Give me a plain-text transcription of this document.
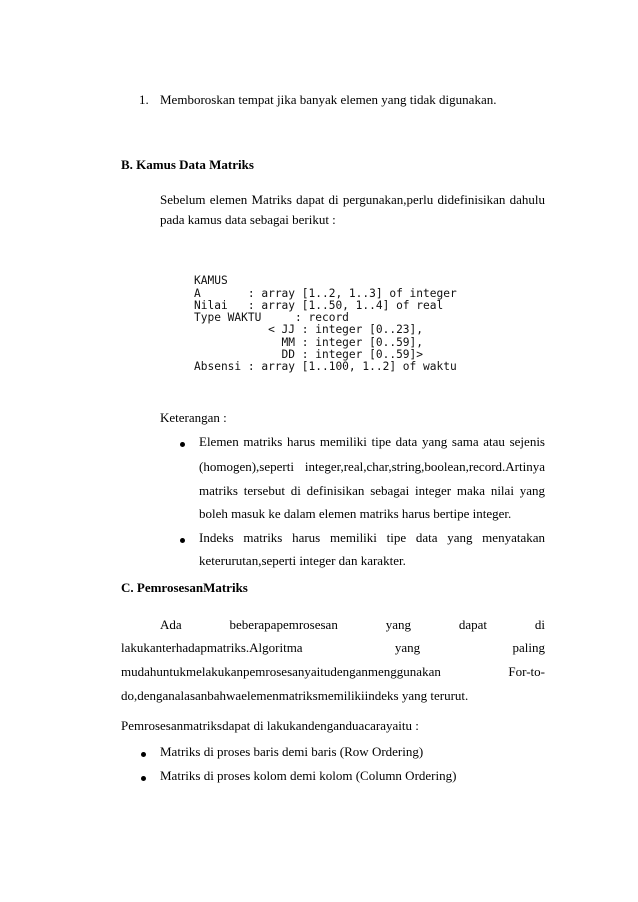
1. Memboroskan tempat jika banyak elemen yang tidak digunakan.
B. Kamus Data Matriks
Sebelum elemen Matriks dapat di pergunakan,perlu didefinisikan dahulu
pada kamus data sebagai berikut :

KAMUS
A       : array [1..2, 1..3] of integer
Nilai   : array [1..50, 1..4] of real
Type WAKTU     : record
< JJ : integer [0..23],
MM : integer [0..59],
DD : integer [0..59]>
Absensi : array [1..100, 1..2] of waktu

Keterangan :
Elemen matriks harus memiliki tipe data yang sama atau sejenis
(homogen),seperti integer,real,char,string,boolean,record.Artinya
matriks tersebut di definisikan sebagai integer maka nilai yang
boleh masuk ke dalam elemen matriks harus bertipe integer.
Indeks matriks harus memiliki tipe data yang menyatakan
keterurutan,seperti integer dan karakter.
C. PemrosesanMatriks
Ada beberapapemrosesan yang dapat di
lakukanterhadapmatriks.Algoritma yang paling
mudahuntukmelakukanpemrosesanyaitudenganmenggunakan For-to-
do,denganalasanbahwaelemenmatriksmemilikiindeks yang terurut.
Pemrosesanmatriksdapat di lakukandenganduacarayaitu :
Matriks di proses baris demi baris (Row Ordering)
Matriks di proses kolom demi kolom (Column Ordering)
